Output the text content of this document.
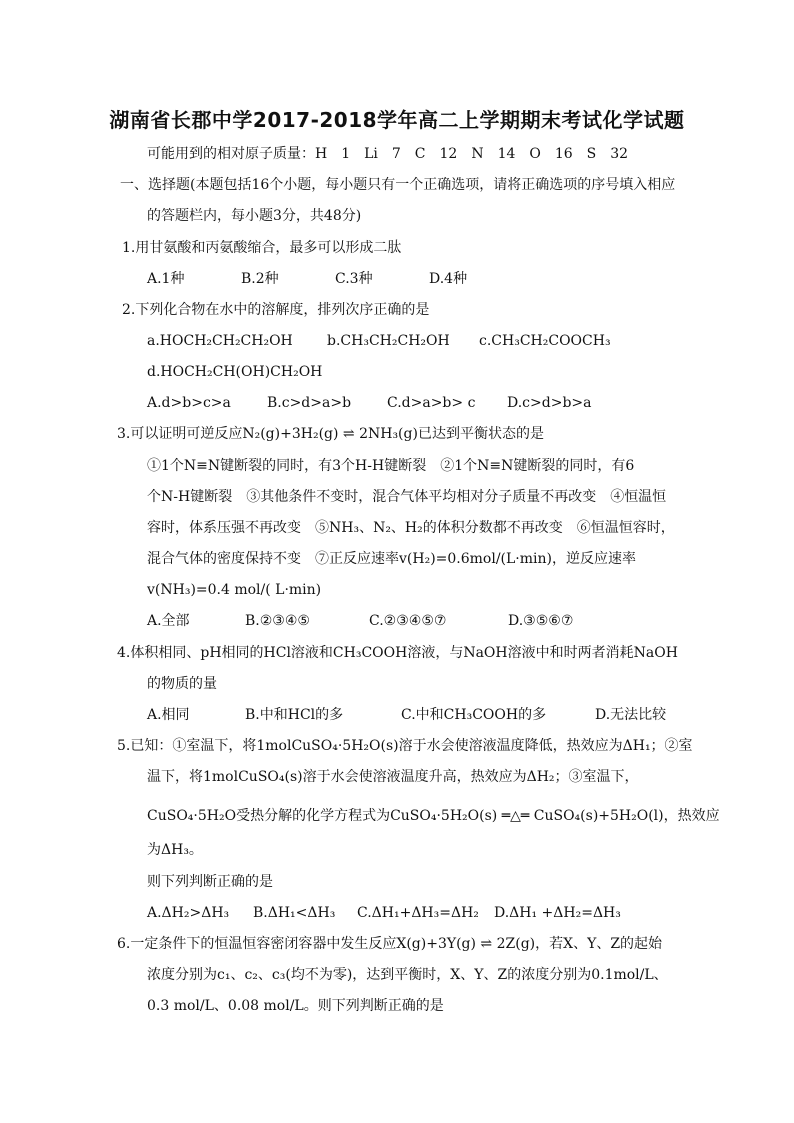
湖南省长郡中学2017-2018学年高二上学期期末考试化学试题
可能用到的相对原子质量：H　1　Li　7　C　12　N　14　O　16　S　32
一、选择题(本题包括16个小题，每小题只有一个正确选项，请将正确选项的序号填入相应
的答题栏内，每小题3分，共48分)
1.用甘氨酸和丙氨酸缩合，最多可以形成二肽
A.1种	B.2种	C.3种	D.4种
2.下列化合物在水中的溶解度，排列次序正确的是
a.HOCH₂CH₂CH₂OH b.CH₃CH₂CH₂OH c.CH₃CH₂COOCH₃
d.HOCH₂CH(OH)CH₂OH
A.d>b>c>a	B.c>d>a>b	C.d>a>b> c D.c>d>b>a
3.可以证明可逆反应N₂(g)+3H₂(g) ⇌ 2NH₃(g)已达到平衡状态的是
①1个N≡N键断裂的同时，有3个H-H键断裂　②1个N≡N键断裂的同时，有6
个N-H键断裂　③其他条件不变时，混合气体平均相对分子质量不再改变　④恒温恒
容时，体系压强不再改变　⑤NH₃、N₂、H₂的体积分数都不再改变　⑥恒温恒容时，
混合气体的密度保持不变　⑦正反应速率v(H₂)=0.6mol/(L·min)，逆反应速率
v(NH₃)=0.4 mol/( L·min)
A.全部	B.②③④⑤	C.②③④⑤⑦	D.③⑤⑥⑦
4.体积相同、pH相同的HCl溶液和CH₃COOH溶液，与NaOH溶液中和时两者消耗NaOH
的物质的量
A.相同	B.中和HCl的多	C.中和CH₃COOH的多	D.无法比较
5.已知：①室温下，将1molCuSO₄·5H₂O(s)溶于水会使溶液温度降低，热效应为ΔH₁；②室
温下，将1molCuSO₄(s)溶于水会使溶液温度升高，热效应为ΔH₂；③室温下，
CuSO₄·5H₂O受热分解的化学方程式为CuSO₄·5H₂O(s) ═△═ CuSO₄(s)+5H₂O(l)，热效应
为ΔH₃。
则下列判断正确的是
A.ΔH₂>ΔH₃ B.ΔH₁<ΔH₃ C.ΔH₁+ΔH₃=ΔH₂ D.ΔH₁ +ΔH₂=ΔH₃
6.一定条件下的恒温恒容密闭容器中发生反应X(g)+3Y(g) ⇌ 2Z(g)，若X、Y、Z的起始
浓度分别为c₁、c₂、c₃(均不为零)，达到平衡时，X、Y、Z的浓度分别为0.1mol/L、
0.3 mol/L、0.08 mol/L。则下列判断正确的是
